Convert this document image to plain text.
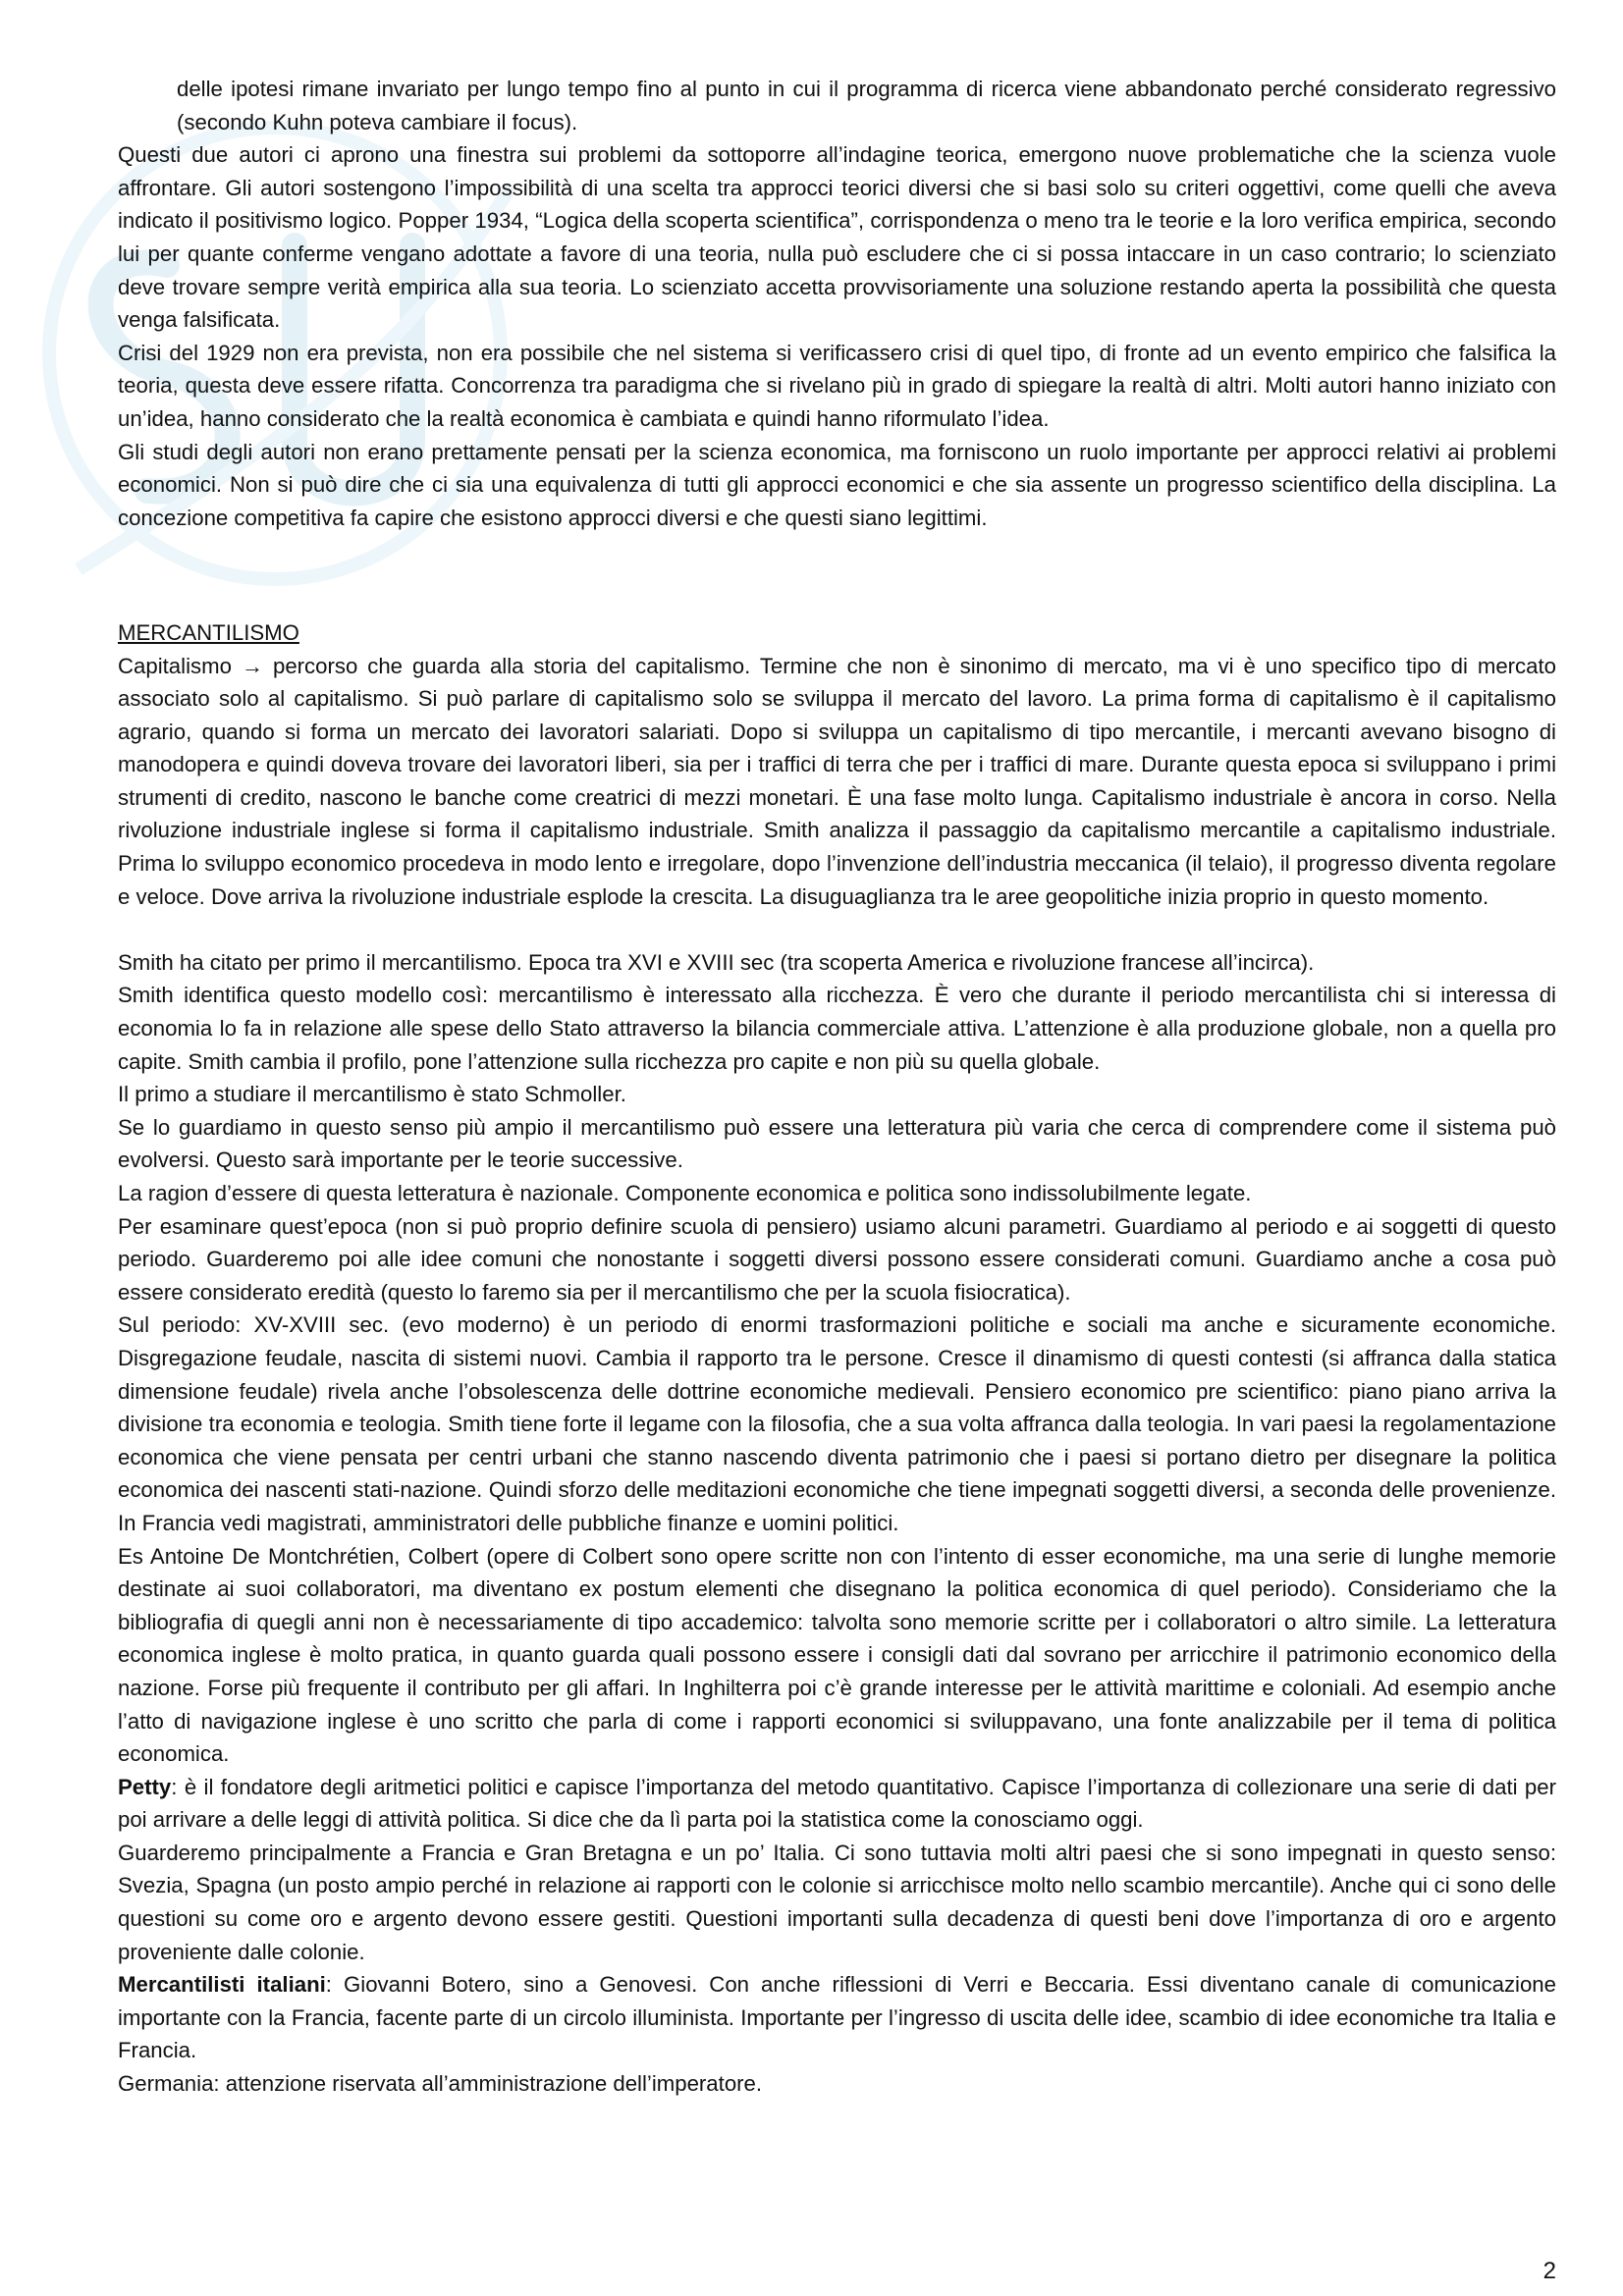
delle ipotesi rimane invariato per lungo tempo fino al punto in cui il programma di ricerca viene abbandonato perché considerato regressivo (secondo Kuhn poteva cambiare il focus).

Questi due autori ci aprono una finestra sui problemi da sottoporre all’indagine teorica, emergono nuove problematiche che la scienza vuole affrontare. Gli autori sostengono l’impossibilità di una scelta tra approcci teorici diversi che si basi solo su criteri oggettivi, come quelli che aveva indicato il positivismo logico. Popper 1934, “Logica della scoperta scientifica”, corrispondenza o meno tra le teorie e la loro verifica empirica, secondo lui per quante conferme vengano adottate a favore di una teoria, nulla può escludere che ci si possa intaccare in un caso contrario; lo scienziato deve trovare sempre verità empirica alla sua teoria. Lo scienziato accetta provvisoriamente una soluzione restando aperta la possibilità che questa venga falsificata.

Crisi del 1929 non era prevista, non era possibile che nel sistema si verificassero crisi di quel tipo, di fronte ad un evento empirico che falsifica la teoria, questa deve essere rifatta. Concorrenza tra paradigma che si rivelano più in grado di spiegare la realtà di altri. Molti autori hanno iniziato con un’idea, hanno considerato che la realtà economica è cambiata e quindi hanno riformulato l’idea.

Gli studi degli autori non erano prettamente pensati per la scienza economica, ma forniscono un ruolo importante per approcci relativi ai problemi economici. Non si può dire che ci sia una equivalenza di tutti gli approcci economici e che sia assente un progresso scientifico della disciplina. La concezione competitiva fa capire che esistono approcci diversi e che questi siano legittimi.

MERCANTILISMO

Capitalismo → percorso che guarda alla storia del capitalismo. Termine che non è sinonimo di mercato, ma vi è uno specifico tipo di mercato associato solo al capitalismo. Si può parlare di capitalismo solo se sviluppa il mercato del lavoro. La prima forma di capitalismo è il capitalismo agrario, quando si forma un mercato dei lavoratori salariati. Dopo si sviluppa un capitalismo di tipo mercantile, i mercanti avevano bisogno di manodopera e quindi doveva trovare dei lavoratori liberi, sia per i traffici di terra che per i traffici di mare. Durante questa epoca si sviluppano i primi strumenti di credito, nascono le banche come creatrici di mezzi monetari. È una fase molto lunga. Capitalismo industriale è ancora in corso. Nella rivoluzione industriale inglese si forma il capitalismo industriale. Smith analizza il passaggio da capitalismo mercantile a capitalismo industriale. Prima lo sviluppo economico procedeva in modo lento e irregolare, dopo l’invenzione dell’industria meccanica (il telaio), il progresso diventa regolare e veloce. Dove arriva la rivoluzione industriale esplode la crescita. La disuguaglianza tra le aree geopolitiche inizia proprio in questo momento.

Smith ha citato per primo il mercantilismo. Epoca tra XVI e XVIII sec (tra scoperta America e rivoluzione francese all’incirca).

Smith identifica questo modello così: mercantilismo è interessato alla ricchezza. È vero che durante il periodo mercantilista chi si interessa di economia lo fa in relazione alle spese dello Stato attraverso la bilancia commerciale attiva. L’attenzione è alla produzione globale, non a quella pro capite. Smith cambia il profilo, pone l’attenzione sulla ricchezza pro capite e non più su quella globale.

Il primo a studiare il mercantilismo è stato Schmoller.

Se lo guardiamo in questo senso più ampio il mercantilismo può essere una letteratura più varia che cerca di comprendere come il sistema può evolversi. Questo sarà importante per le teorie successive.

La ragion d’essere di questa letteratura è nazionale. Componente economica e politica sono indissolubilmente legate.

Per esaminare quest’epoca (non si può proprio definire scuola di pensiero) usiamo alcuni parametri. Guardiamo al periodo e ai soggetti di questo periodo. Guarderemo poi alle idee comuni che nonostante i soggetti diversi possono essere considerati comuni. Guardiamo anche a cosa può essere considerato eredità (questo lo faremo sia per il mercantilismo che per la scuola fisiocratica).

Sul periodo: XV-XVIII sec. (evo moderno) è un periodo di enormi trasformazioni politiche e sociali ma anche e sicuramente economiche. Disgregazione feudale, nascita di sistemi nuovi. Cambia il rapporto tra le persone. Cresce il dinamismo di questi contesti (si affranca dalla statica dimensione feudale) rivela anche l’obsolescenza delle dottrine economiche medievali. Pensiero economico pre scientifico: piano piano arriva la divisione tra economia e teologia. Smith tiene forte il legame con la filosofia, che a sua volta affranca dalla teologia. In vari paesi la regolamentazione economica che viene pensata per centri urbani che stanno nascendo diventa patrimonio che i paesi si portano dietro per disegnare la politica economica dei nascenti stati-nazione. Quindi sforzo delle meditazioni economiche che tiene impegnati soggetti diversi, a seconda delle provenienze. In Francia vedi magistrati, amministratori delle pubbliche finanze e uomini politici.

Es Antoine De Montchrétien, Colbert (opere di Colbert sono opere scritte non con l’intento di esser economiche, ma una serie di lunghe memorie destinate ai suoi collaboratori, ma diventano ex postum elementi che disegnano la politica economica di quel periodo). Consideriamo che la bibliografia di quegli anni non è necessariamente di tipo accademico: talvolta sono memorie scritte per i collaboratori o altro simile. La letteratura economica inglese è molto pratica, in quanto guarda quali possono essere i consigli dati dal sovrano per arricchire il patrimonio economico della nazione. Forse più frequente il contributo per gli affari. In Inghilterra poi c’è grande interesse per le attività marittime e coloniali. Ad esempio anche l’atto di navigazione inglese è uno scritto che parla di come i rapporti economici si sviluppavano, una fonte analizzabile per il tema di politica economica.

Petty: è il fondatore degli aritmetici politici e capisce l’importanza del metodo quantitativo. Capisce l’importanza di collezionare una serie di dati per poi arrivare a delle leggi di attività politica. Si dice che da lì parta poi la statistica come la conosciamo oggi.

Guarderemo principalmente a Francia e Gran Bretagna e un po’ Italia. Ci sono tuttavia molti altri paesi che si sono impegnati in questo senso: Svezia, Spagna (un posto ampio perché in relazione ai rapporti con le colonie si arricchisce molto nello scambio mercantile). Anche qui ci sono delle questioni su come oro e argento devono essere gestiti. Questioni importanti sulla decadenza di questi beni dove l’importanza di oro e argento proveniente dalle colonie.

Mercantilisti italiani: Giovanni Botero, sino a Genovesi. Con anche riflessioni di Verri e Beccaria. Essi diventano canale di comunicazione importante con la Francia, facente parte di un circolo illuminista. Importante per l’ingresso di uscita delle idee, scambio di idee economiche tra Italia e Francia.

Germania: attenzione riservata all’amministrazione dell’imperatore.

2
